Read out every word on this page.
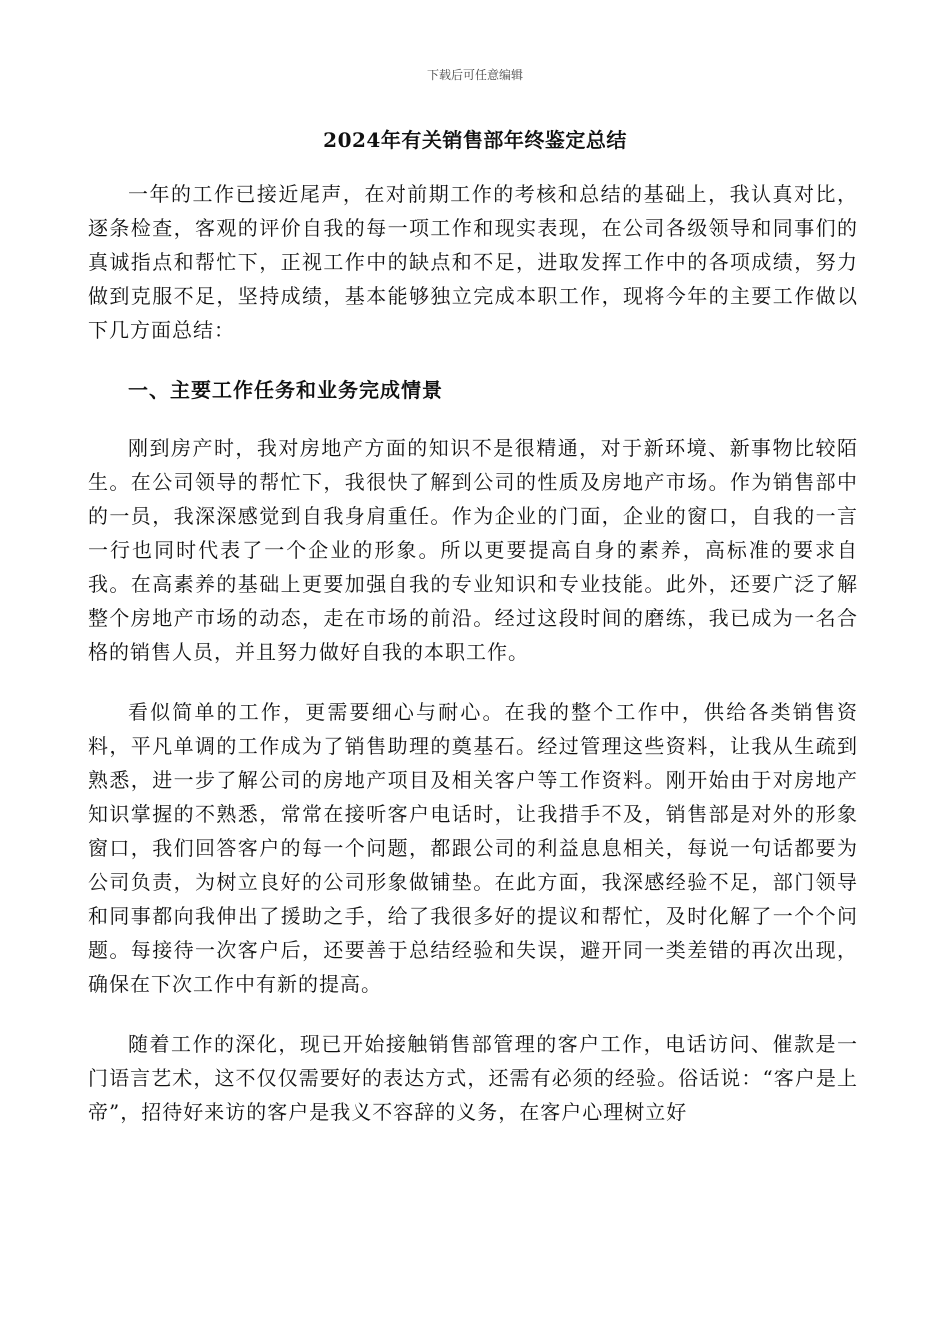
下载后可任意编辑
2024年有关销售部年终鉴定总结

一年的工作已接近尾声，在对前期工作的考核和总结的基础上，我认真对比，逐条检查，客观的评价自我的每一项工作和现实表现，在公司各级领导和同事们的真诚指点和帮忙下，正视工作中的缺点和不足，进取发挥工作中的各项成绩，努力做到克服不足，坚持成绩，基本能够独立完成本职工作，现将今年的主要工作做以下几方面总结：

一、主要工作任务和业务完成情景

刚到房产时，我对房地产方面的知识不是很精通，对于新环境、新事物比较陌生。在公司领导的帮忙下，我很快了解到公司的性质及房地产市场。作为销售部中的一员，我深深感觉到自我身肩重任。作为企业的门面，企业的窗口，自我的一言一行也同时代表了一个企业的形象。所以更要提高自身的素养，高标准的要求自我。在高素养的基础上更要加强自我的专业知识和专业技能。此外，还要广泛了解整个房地产市场的动态，走在市场的前沿。经过这段时间的磨练，我已成为一名合格的销售人员，并且努力做好自我的本职工作。

看似简单的工作，更需要细心与耐心。在我的整个工作中，供给各类销售资料，平凡单调的工作成为了销售助理的奠基石。经过管理这些资料，让我从生疏到熟悉，进一步了解公司的房地产项目及相关客户等工作资料。刚开始由于对房地产知识掌握的不熟悉，常常在接听客户电话时，让我措手不及，销售部是对外的形象窗口，我们回答客户的每一个问题，都跟公司的利益息息相关，每说一句话都要为公司负责，为树立良好的公司形象做铺垫。在此方面，我深感经验不足，部门领导和同事都向我伸出了援助之手，给了我很多好的提议和帮忙，及时化解了一个个问题。每接待一次客户后，还要善于总结经验和失误，避开同一类差错的再次出现，确保在下次工作中有新的提高。

随着工作的深化，现已开始接触销售部管理的客户工作，电话访问、催款是一门语言艺术，这不仅仅需要好的表达方式，还需有必须的经验。俗话说：“客户是上帝”，招待好来访的客户是我义不容辞的义务，在客户心理树立好
